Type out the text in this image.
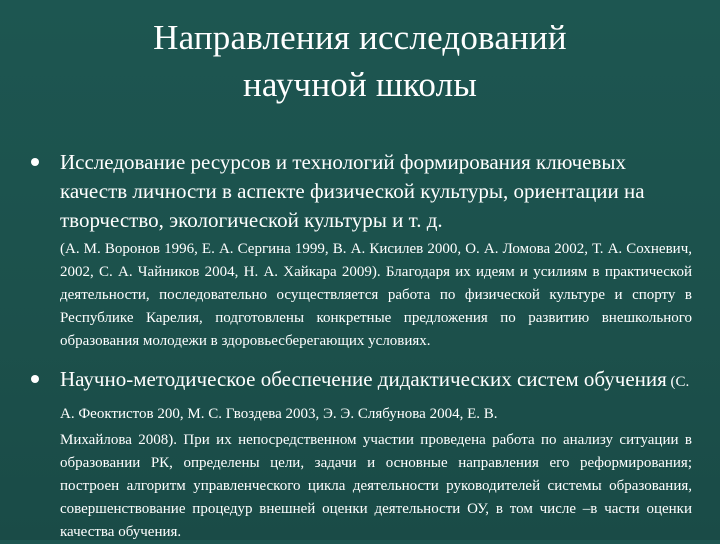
Направления исследований
научной школы
Исследование ресурсов и технологий формирования ключевых качеств личности в аспекте физической культуры, ориентации на творчество, экологической культуры и т. д.
(А. М. Воронов 1996, Е. А. Сергина 1999, В. А. Кисилев 2000, О. А. Ломова 2002, Т. А. Сохневич, 2002, С. А. Чайников 2004, Н. А. Хайкара 2009). Благодаря их идеям и усилиям в практической деятельности, последовательно осуществляется работа по физической культуре и спорту в Республике Карелия, подготовлены конкретные предложения по развитию внешкольного образования молодежи в здоровьесберегающих условиях.
Научно-методическое обеспечение дидактических систем обучения (С. А. Феоктистов 200, М. С. Гвоздева 2003, Э. Э. Слябунова 2004, Е. В.
Михайлова 2008). При их непосредственном участии проведена работа по анализу ситуации в образовании РК, определены цели, задачи и основные направления его реформирования; построен алгоритм управленческого цикла деятельности руководителей системы образования, совершенствование процедур внешней оценки деятельности ОУ, в том числе –в части оценки качества обучения.
